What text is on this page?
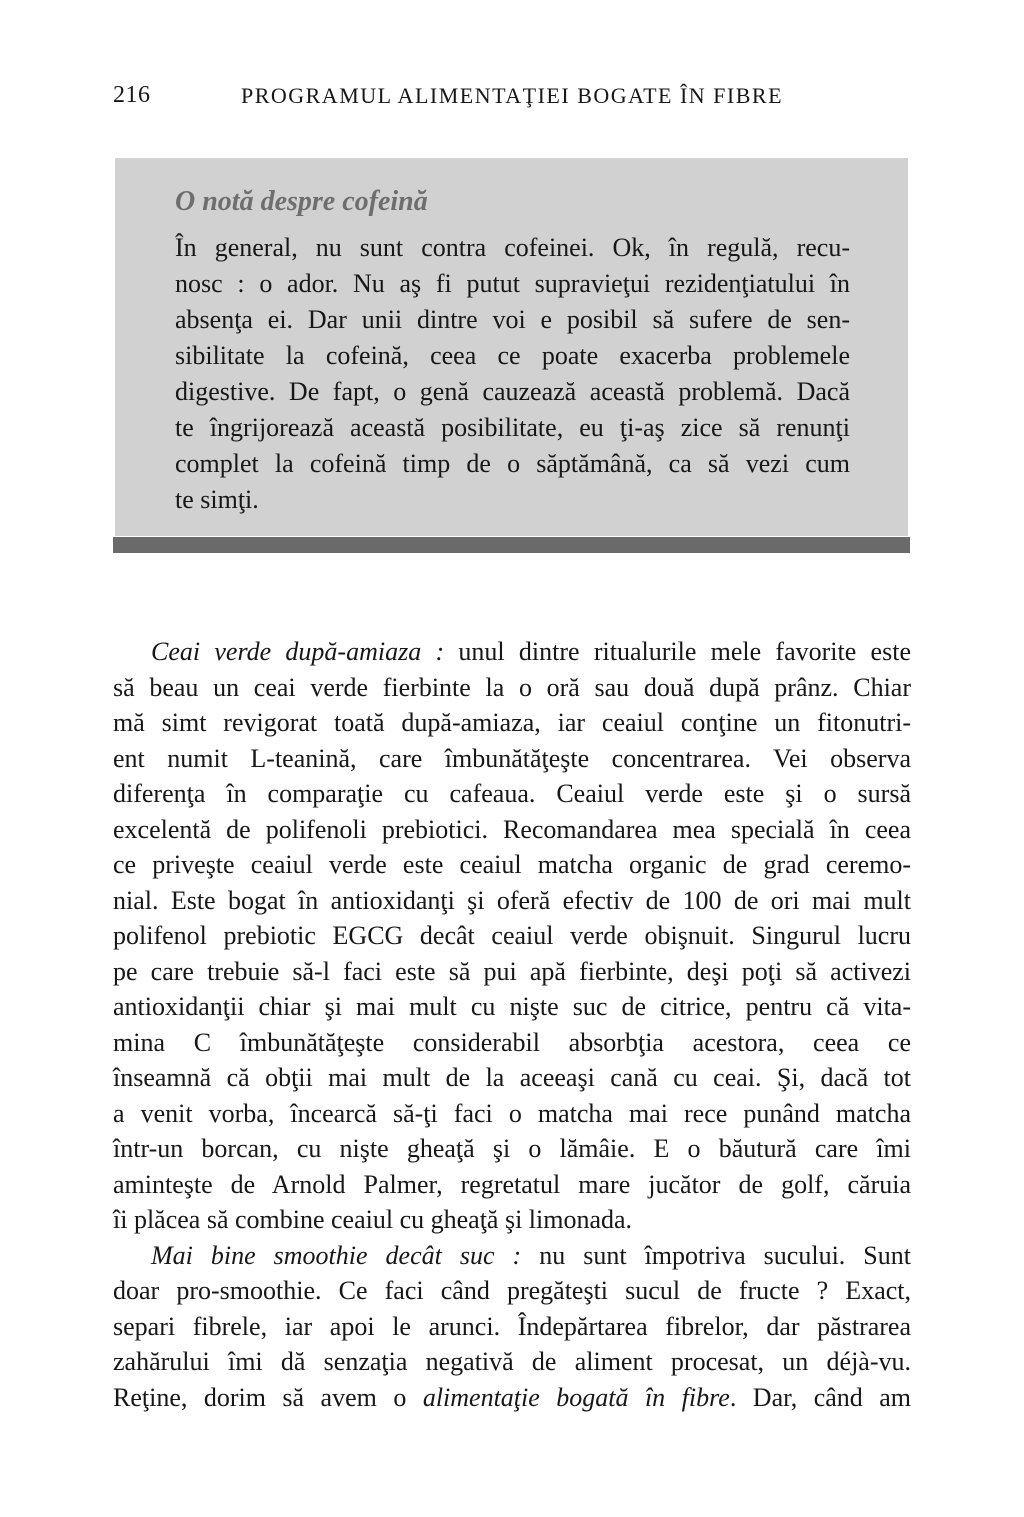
216	PROGRAMUL ALIMENTAŢIEI BOGATE ÎN FIBRE
O notă despre cofeină
În general, nu sunt contra cofeinei. Ok, în regulă, recu-
nosc : o ador. Nu aş fi putut supravieţui rezidenţiatului în
absenţa ei. Dar unii dintre voi e posibil să sufere de sen-
sibilitate la cofeină, ceea ce poate exacerba problemele
digestive. De fapt, o genă cauzează această problemă. Dacă
te îngrijorează această posibilitate, eu ţi-aş zice să renunţi
complet la cofeină timp de o săptămână, ca să vezi cum
te simţi.
Ceai verde după-amiaza : unul dintre ritualurile mele favorite este
să beau un ceai verde fierbinte la o oră sau două după prânz. Chiar
mă simt revigorat toată după-amiaza, iar ceaiul conţine un fitonutri-
ent numit L-teanină, care îmbunătăţeşte concentrarea. Vei observa
diferenţa în comparaţie cu cafeaua. Ceaiul verde este şi o sursă
excelentă de polifenoli prebiotici. Recomandarea mea specială în ceea
ce priveşte ceaiul verde este ceaiul matcha organic de grad ceremo-
nial. Este bogat în antioxidanţi şi oferă efectiv de 100 de ori mai mult
polifenol prebiotic EGCG decât ceaiul verde obişnuit. Singurul lucru
pe care trebuie să-l faci este să pui apă fierbinte, deşi poţi să activezi
antioxidanţii chiar şi mai mult cu nişte suc de citrice, pentru că vita-
mina C îmbunătăţeşte considerabil absorbţia acestora, ceea ce
înseamnă că obţii mai mult de la aceeaşi cană cu ceai. Şi, dacă tot
a venit vorba, încearcă să-ţi faci o matcha mai rece punând matcha
într-un borcan, cu nişte gheaţă şi o lămâie. E o băutură care îmi
aminteşte de Arnold Palmer, regretatul mare jucător de golf, căruia
îi plăcea să combine ceaiul cu gheaţă şi limonada.
Mai bine smoothie decât suc : nu sunt împotriva sucului. Sunt
doar pro-smoothie. Ce faci când pregăteşti sucul de fructe ? Exact,
separi fibrele, iar apoi le arunci. Îndepărtarea fibrelor, dar păstrarea
zahărului îmi dă senzaţia negativă de aliment procesat, un déjà-vu.
Reţine, dorim să avem o alimentaţie bogată în fibre. Dar, când am
